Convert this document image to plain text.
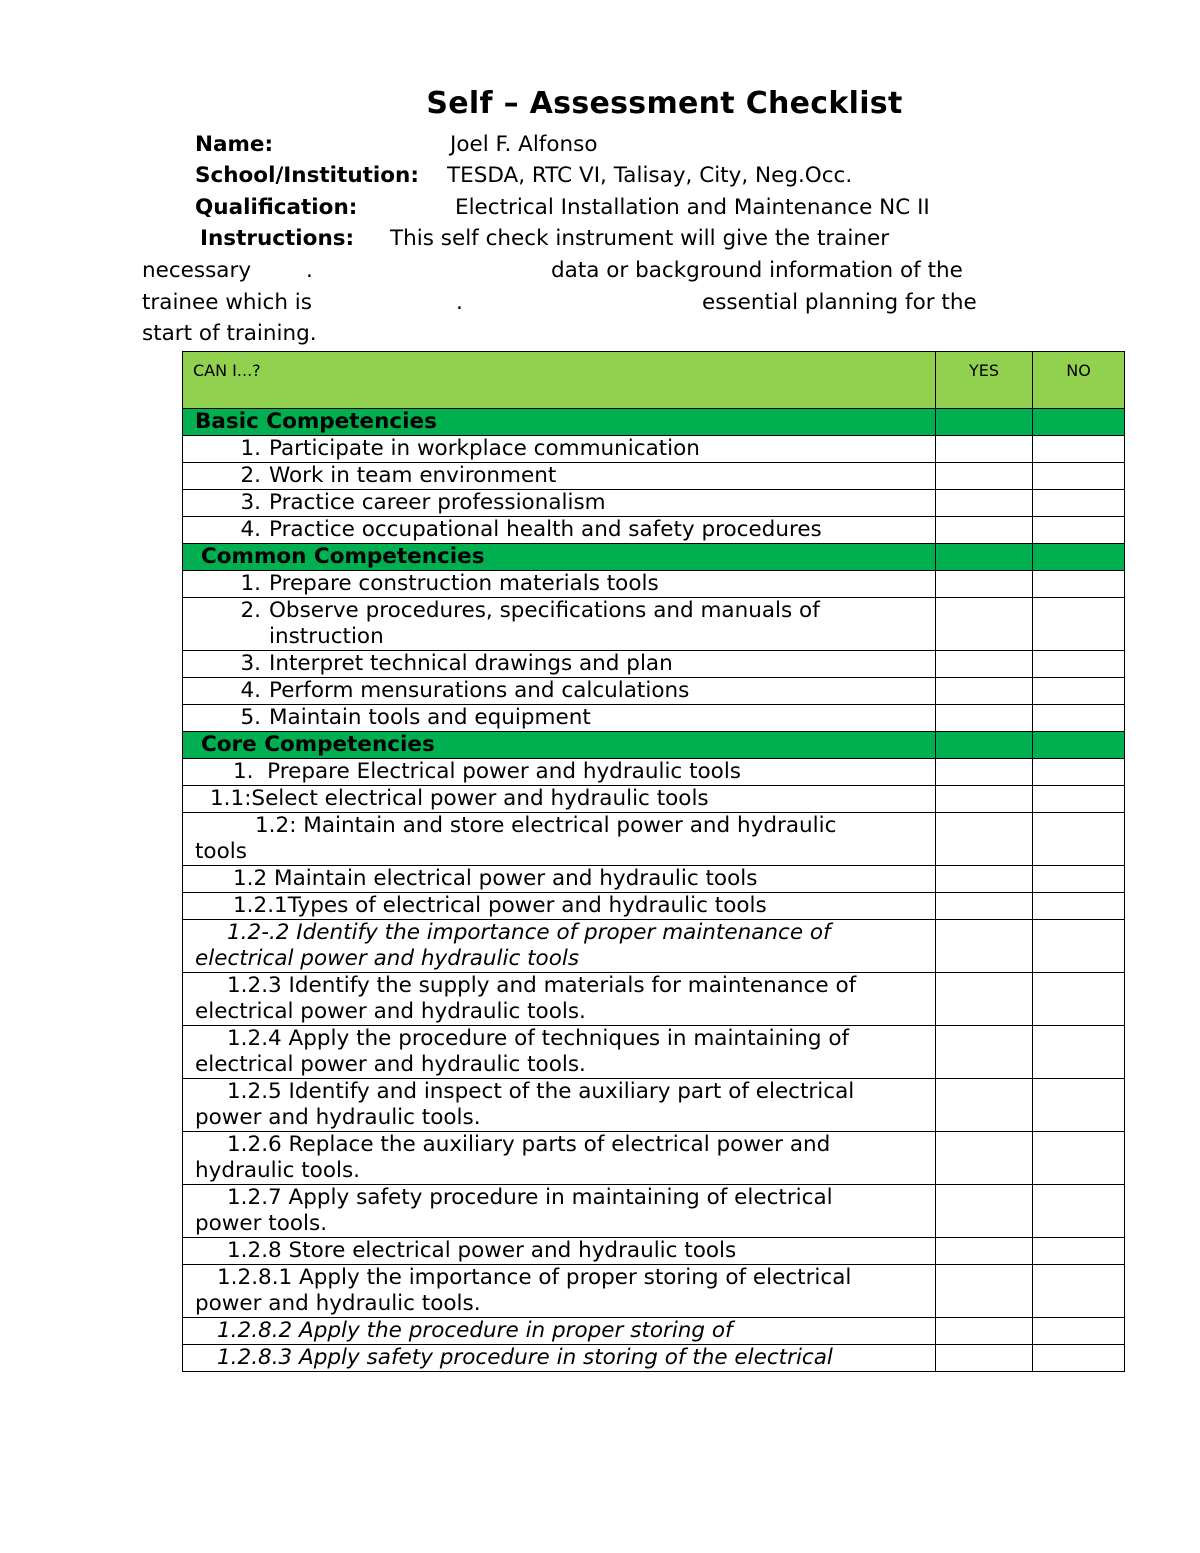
Self – Assessment Checklist
Name:	Joel F. Alfonso
School/Institution: TESDA, RTC VI, Talisay, City, Neg.Occ.
Qualification:	Electrical Installation and Maintenance NC II
Instructions: This self check instrument will give the trainer
necessary	.	data or background information of the
trainee which is	.	essential planning for the
start of training.
CAN I...?	YES	NO
Basic Competencies		
1. Participate in workplace communication		
2. Work in team environment		
3. Practice career professionalism		
4. Practice occupational health and safety procedures		
Common Competencies		
1. Prepare construction materials tools		
2. Observe procedures, specifications and manuals of
instruction		
3. Interpret technical drawings and plan		
4. Perform mensurations and calculations		
5. Maintain tools and equipment		
Core Competencies		
1.  Prepare Electrical power and hydraulic tools		
1.1:Select electrical power and hydraulic tools		
1.2: Maintain and store electrical power and hydraulic
tools		
1.2 Maintain electrical power and hydraulic tools		
1.2.1Types of electrical power and hydraulic tools		
1.2-.2 Identify the importance of proper maintenance of
electrical power and hydraulic tools		
1.2.3 Identify the supply and materials for maintenance of
electrical power and hydraulic tools.		
1.2.4 Apply the procedure of techniques in maintaining of
electrical power and hydraulic tools.		
1.2.5 Identify and inspect of the auxiliary part of electrical
power and hydraulic tools.		
1.2.6 Replace the auxiliary parts of electrical power and
hydraulic tools.		
1.2.7 Apply safety procedure in maintaining of electrical
power tools.		
1.2.8 Store electrical power and hydraulic tools		
1.2.8.1 Apply the importance of proper storing of electrical
power and hydraulic tools.		
1.2.8.2 Apply the procedure in proper storing of		
1.2.8.3 Apply safety procedure in storing of the electrical		
